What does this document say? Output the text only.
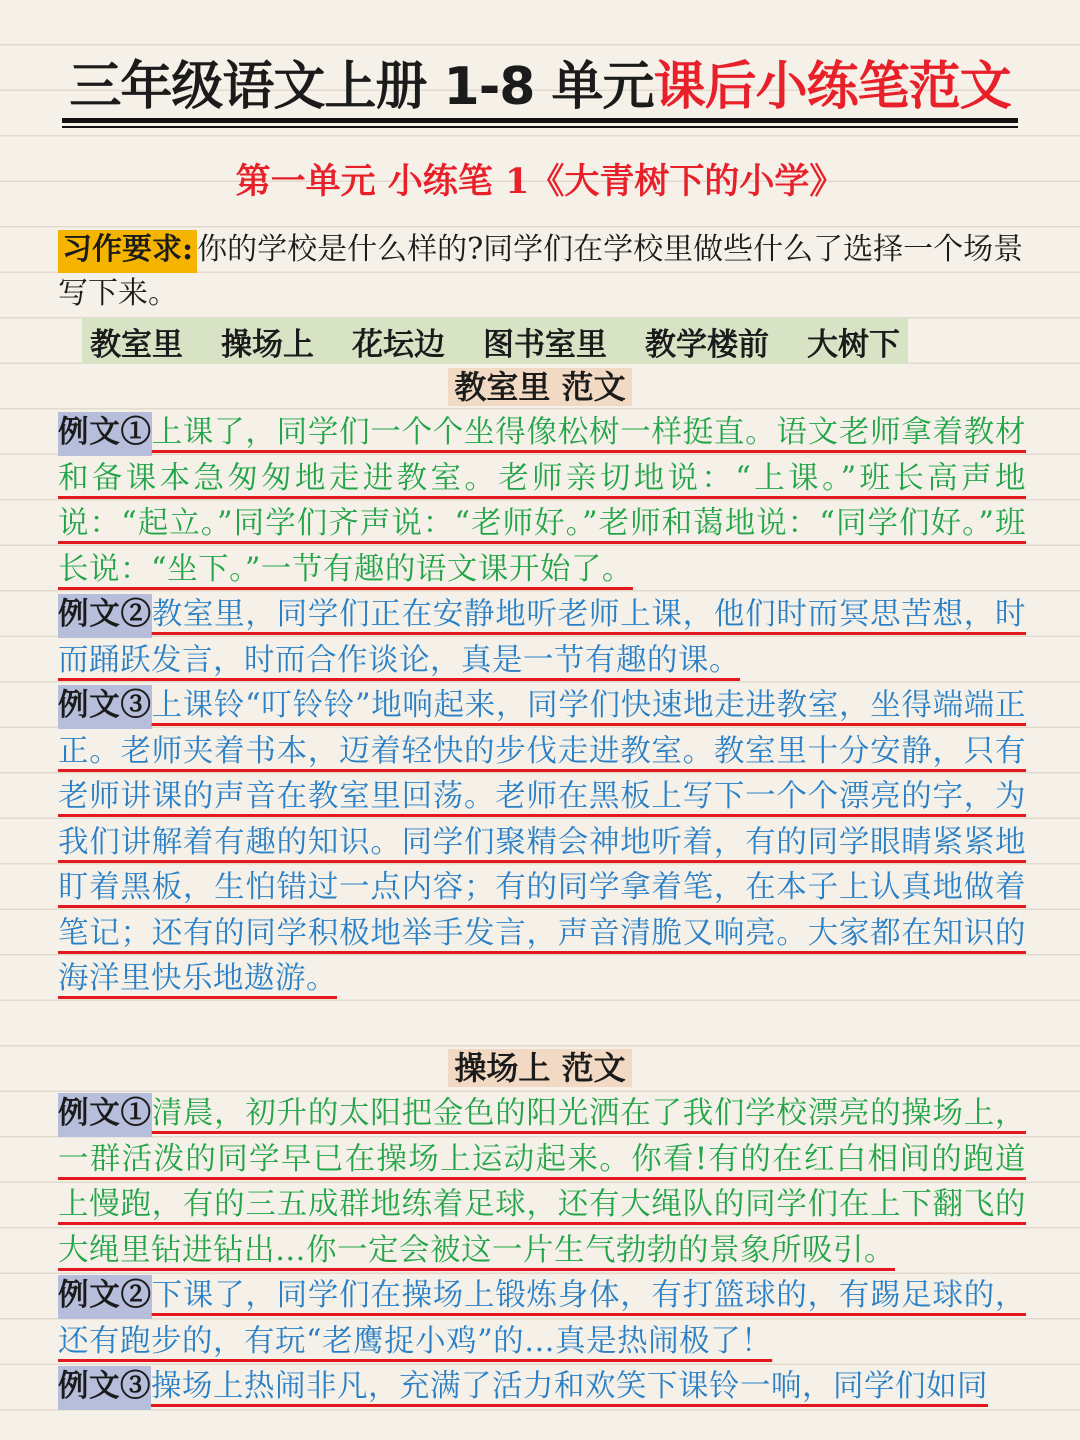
三年级语文上册 1-8 单元课后小练笔范文
第一单元 小练笔 1《大青树下的小学》
习作要求: 你的学校是什么样的?同学们在学校里做些什么了选择一个场景写下来。
教室里 操场上 花坛边 图书室里 教学楼前 大树下
教室里 范文
例文①上课了，同学们一个个坐得像松树一样挺直。语文老师拿着教材和备课本急匆匆地走进教室。老师亲切地说：“上课。”班长高声地说：“起立。”同学们齐声说：“老师好。”老师和蔼地说：“同学们好。”班长说：“坐下。”一节有趣的语文课开始了。
例文②教室里，同学们正在安静地听老师上课，他们时而冥思苦想，时而踊跃发言，时而合作谈论，真是一节有趣的课。
例文③上课铃“叮铃铃”地响起来，同学们快速地走进教室，坐得端端正正。老师夹着书本，迈着轻快的步伐走进教室。教室里十分安静，只有老师讲课的声音在教室里回荡。老师在黑板上写下一个个漂亮的字，为我们讲解着有趣的知识。同学们聚精会神地听着，有的同学眼睛紧紧地盯着黑板，生怕错过一点内容；有的同学拿着笔，在本子上认真地做着笔记；还有的同学积极地举手发言，声音清脆又响亮。大家都在知识的海洋里快乐地遨游。
操场上 范文
例文①清晨，初升的太阳把金色的阳光洒在了我们学校漂亮的操场上，一群活泼的同学早已在操场上运动起来。你看!有的在红白相间的跑道上慢跑，有的三五成群地练着足球，还有大绳队的同学们在上下翻飞的大绳里钻进钻出…你一定会被这一片生气勃勃的景象所吸引。
例文②下课了，同学们在操场上锻炼身体，有打篮球的，有踢足球的，还有跑步的，有玩“老鹰捉小鸡”的…真是热闹极了！
例文③操场上热闹非凡，充满了活力和欢笑下课铃一响，同学们如同
